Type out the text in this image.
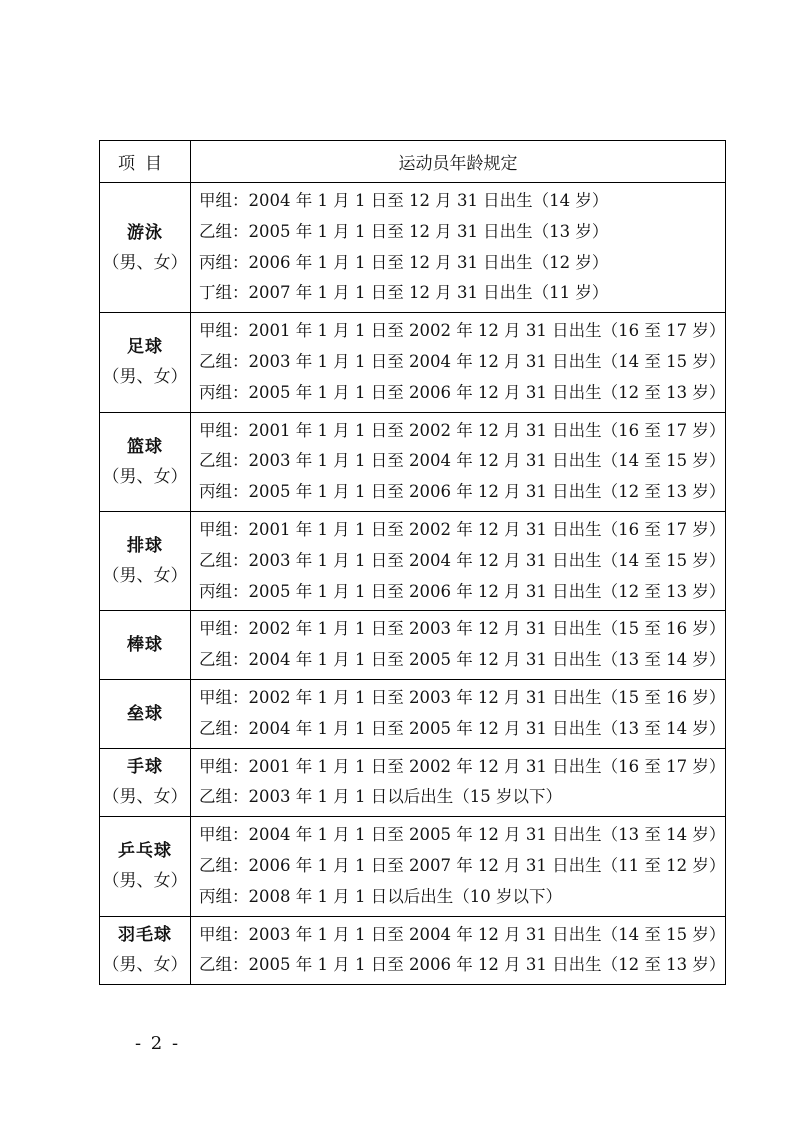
项目	运动员年龄规定

游泳
（男、女）	甲组：2004 年 1 月 1 日至 12 月 31 日出生（14 岁）
乙组：2005 年 1 月 1 日至 12 月 31 日出生（13 岁）
丙组：2006 年 1 月 1 日至 12 月 31 日出生（12 岁）
丁组：2007 年 1 月 1 日至 12 月 31 日出生（11 岁）

足球
（男、女）	甲组：2001 年 1 月 1 日至 2002 年 12 月 31 日出生（16 至 17 岁）
乙组：2003 年 1 月 1 日至 2004 年 12 月 31 日出生（14 至 15 岁）
丙组：2005 年 1 月 1 日至 2006 年 12 月 31 日出生（12 至 13 岁）

篮球
（男、女）	甲组：2001 年 1 月 1 日至 2002 年 12 月 31 日出生（16 至 17 岁）
乙组：2003 年 1 月 1 日至 2004 年 12 月 31 日出生（14 至 15 岁）
丙组：2005 年 1 月 1 日至 2006 年 12 月 31 日出生（12 至 13 岁）

排球
（男、女）	甲组：2001 年 1 月 1 日至 2002 年 12 月 31 日出生（16 至 17 岁）
乙组：2003 年 1 月 1 日至 2004 年 12 月 31 日出生（14 至 15 岁）
丙组：2005 年 1 月 1 日至 2006 年 12 月 31 日出生（12 至 13 岁）

棒球	甲组：2002 年 1 月 1 日至 2003 年 12 月 31 日出生（15 至 16 岁）
乙组：2004 年 1 月 1 日至 2005 年 12 月 31 日出生（13 至 14 岁）

垒球	甲组：2002 年 1 月 1 日至 2003 年 12 月 31 日出生（15 至 16 岁）
乙组：2004 年 1 月 1 日至 2005 年 12 月 31 日出生（13 至 14 岁）

手球
（男、女）	甲组：2001 年 1 月 1 日至 2002 年 12 月 31 日出生（16 至 17 岁）
乙组：2003 年 1 月 1 日以后出生（15 岁以下）

乒乓球
（男、女）	甲组：2004 年 1 月 1 日至 2005 年 12 月 31 日出生（13 至 14 岁）
乙组：2006 年 1 月 1 日至 2007 年 12 月 31 日出生（11 至 12 岁）
丙组：2008 年 1 月 1 日以后出生（10 岁以下）

羽毛球
（男、女）	甲组：2003 年 1 月 1 日至 2004 年 12 月 31 日出生（14 至 15 岁）
乙组：2005 年 1 月 1 日至 2006 年 12 月 31 日出生（12 至 13 岁）
- 2 -
